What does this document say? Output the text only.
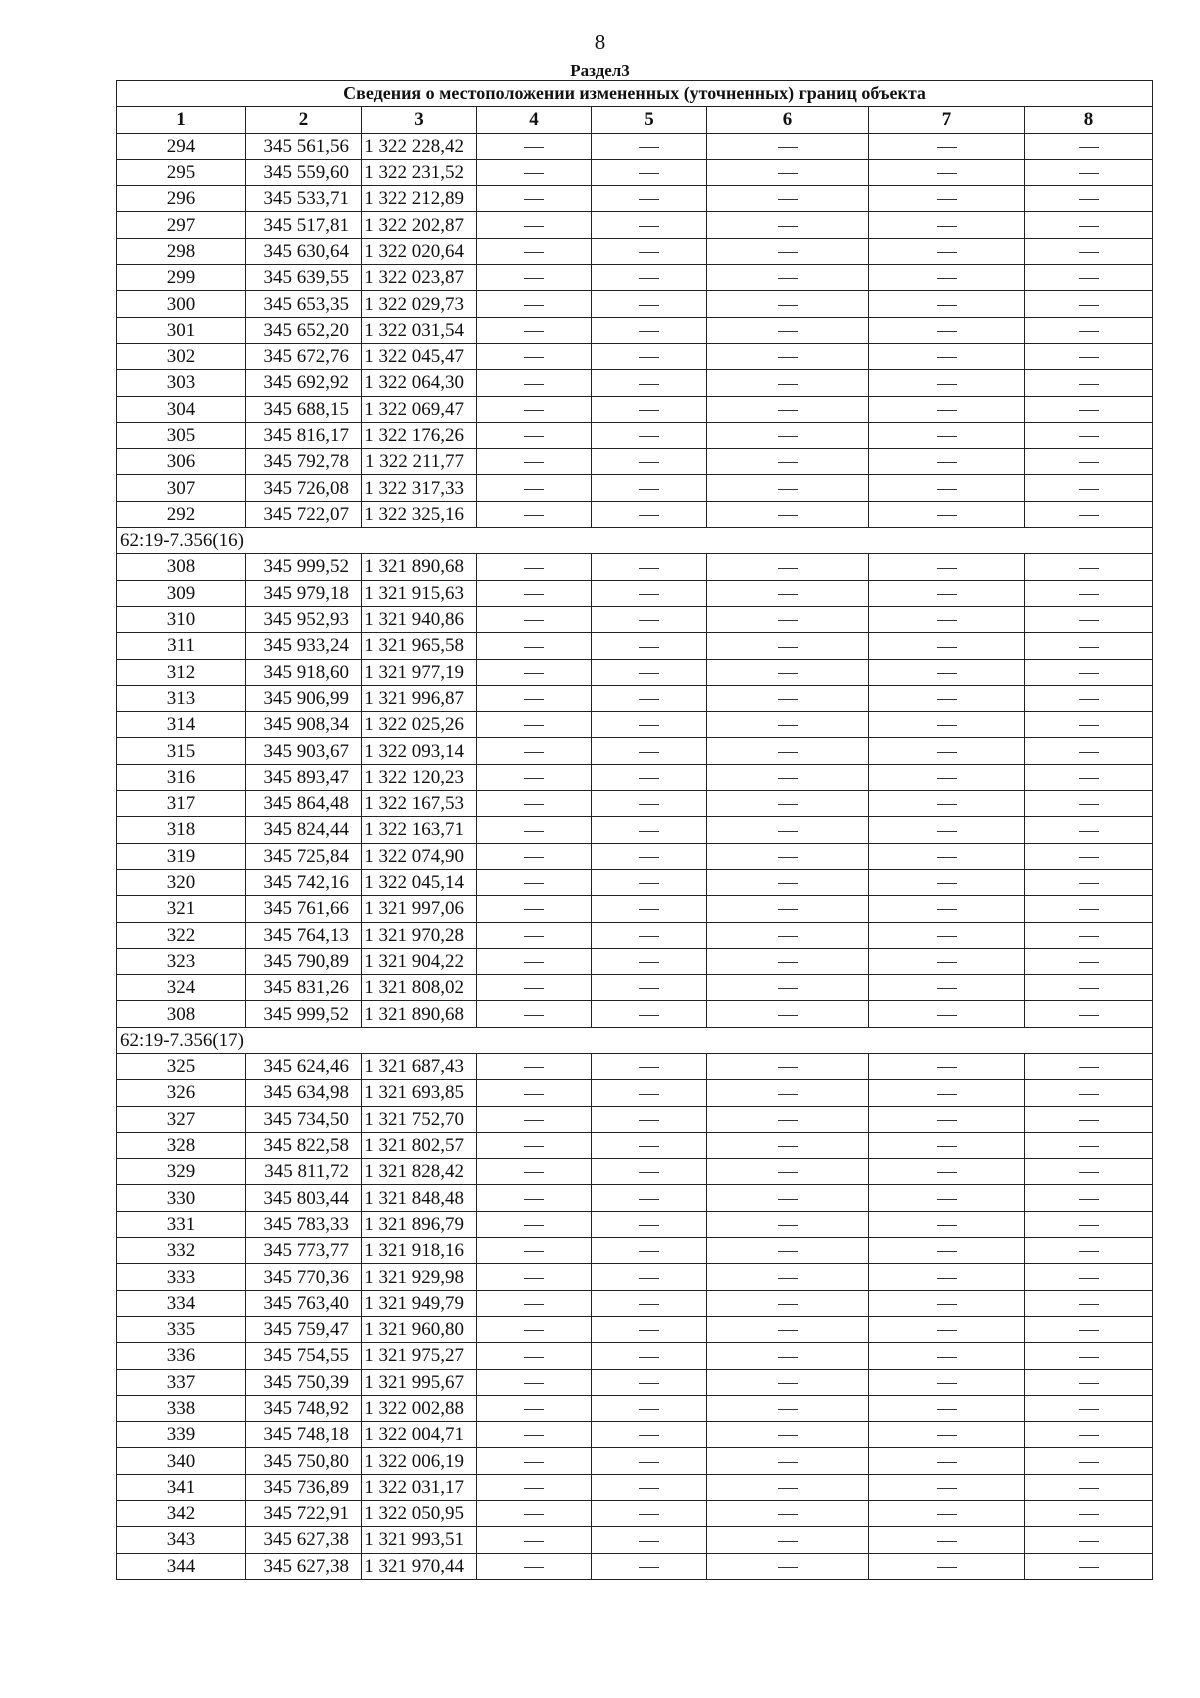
8
Раздел3
Сведения о местоположении измененных (уточненных) границ объекта							
1	2	3	4	5	6	7	8
294	345 561,56	1 322 228,42					
295	345 559,60	1 322 231,52					
296	345 533,71	1 322 212,89					
297	345 517,81	1 322 202,87					
298	345 630,64	1 322 020,64					
299	345 639,55	1 322 023,87					
300	345 653,35	1 322 029,73					
301	345 652,20	1 322 031,54					
302	345 672,76	1 322 045,47					
303	345 692,92	1 322 064,30					
304	345 688,15	1 322 069,47					
305	345 816,17	1 322 176,26					
306	345 792,78	1 322 211,77					
307	345 726,08	1 322 317,33					
292	345 722,07	1 322 325,16					
62:19-7.356(16)							
308	345 999,52	1 321 890,68					
309	345 979,18	1 321 915,63					
310	345 952,93	1 321 940,86					
311	345 933,24	1 321 965,58					
312	345 918,60	1 321 977,19					
313	345 906,99	1 321 996,87					
314	345 908,34	1 322 025,26					
315	345 903,67	1 322 093,14					
316	345 893,47	1 322 120,23					
317	345 864,48	1 322 167,53					
318	345 824,44	1 322 163,71					
319	345 725,84	1 322 074,90					
320	345 742,16	1 322 045,14					
321	345 761,66	1 321 997,06					
322	345 764,13	1 321 970,28					
323	345 790,89	1 321 904,22					
324	345 831,26	1 321 808,02					
308	345 999,52	1 321 890,68					
62:19-7.356(17)							
325	345 624,46	1 321 687,43					
326	345 634,98	1 321 693,85					
327	345 734,50	1 321 752,70					
328	345 822,58	1 321 802,57					
329	345 811,72	1 321 828,42					
330	345 803,44	1 321 848,48					
331	345 783,33	1 321 896,79					
332	345 773,77	1 321 918,16					
333	345 770,36	1 321 929,98					
334	345 763,40	1 321 949,79					
335	345 759,47	1 321 960,80					
336	345 754,55	1 321 975,27					
337	345 750,39	1 321 995,67					
338	345 748,92	1 322 002,88					
339	345 748,18	1 322 004,71					
340	345 750,80	1 322 006,19					
341	345 736,89	1 322 031,17					
342	345 722,91	1 322 050,95					
343	345 627,38	1 321 993,51					
344	345 627,38	1 321 970,44					
